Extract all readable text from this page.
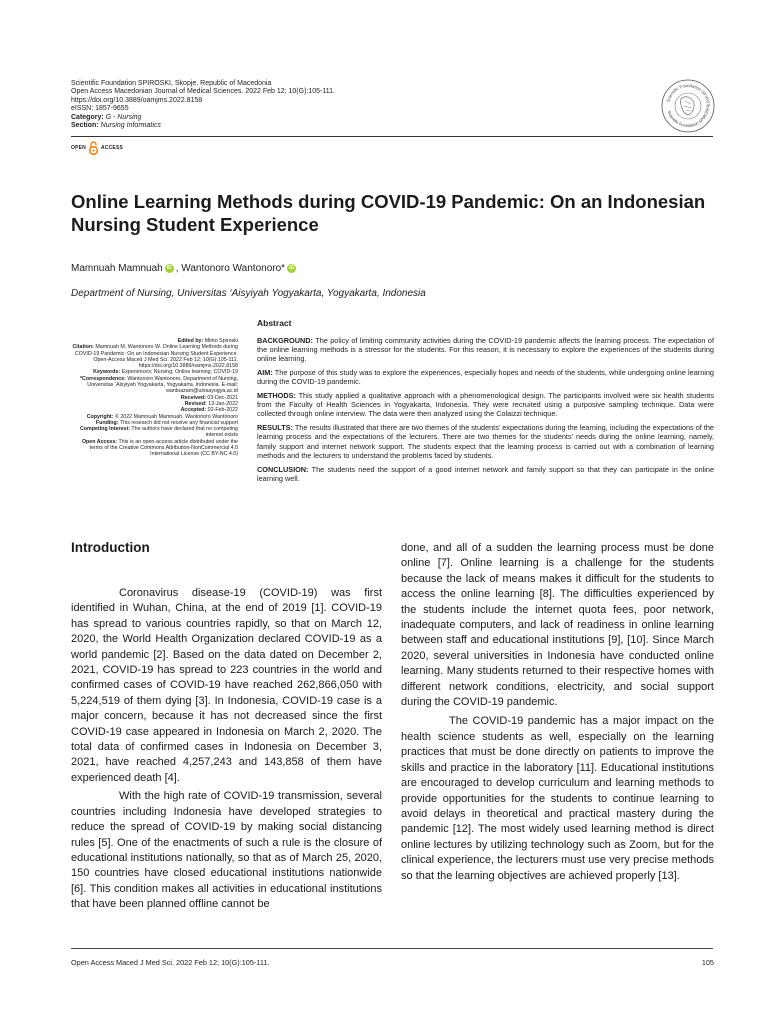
Scientific Foundation SPIROSKI, Skopje, Republic of Macedonia
Open Access Macedonian Journal of Medical Sciences. 2022 Feb 12; 10(G):105-111.
https://doi.org/10.3889/oamjms.2022.8158
eISSN: 1857-9655
Category: G - Nursing
Section: Nursing Informatics
Scientific Foundation SPIROS
Scientific Foundation SPIROSKI
OPEN	ACCESS
Online Learning Methods during COVID-19 Pandemic: On an Indonesian Nursing Student Experience
Mamnuah Mamnuah iD , Wantonoro Wantonoro * iD
Department of Nursing, Universitas ‘Aisyiyah Yogyakarta, Yogyakarta, Indonesia

Edited by: Mirko Spiroski

Citation: Mamnuah M, Wantonoro W. Online Learning Methods during COVID-19 Pandemic: On an Indonesian Nursing Student Experience. Open-Access Maced J Med Sci. 2022 Feb 12; 10(G):105-111. https://doi.org/10.3889/oamjms.2022.8158

Keywords: Experiences; Nursing; Online learning; COVID-19

*Correspondence: Wantonoro Wantonoro, Department of Nursing, Universitas ‘Aisyiyah Yogyakarta, Yogyakarta, Indonesia. E-mail: wantoazam@unisayogya.ac.id

Received: 03-Dec-2021

Revised: 13-Jan-2022

Accepted: 02-Feb-2022

Copyright: © 2022 Mamnuah Mamnuah, Wantonoro Wantonoro

Funding: This research did not receive any financial support

Competing Interest: The authors have declared that no competing interest exists

Open Access: This is an open-access article distributed under the terms of the Creative Commons Attribution-NonCommercial 4.0 International License (CC BY-NC 4.0)

Abstract

BACKGROUND: The policy of limiting community activities during the COVID-19 pandemic affects the learning process. The expectation of the online learning methods is a stressor for the students. For this reason, it is necessary to explore the experiences of the students during online learning.

AIM: The purpose of this study was to explore the experiences, especially hopes and needs of the students, while undergoing online learning during the COVID-19 pandemic.

METHODS: This study applied a qualitative approach with a phenomenological design. The participants involved were six health students from the Faculty of Health Sciences in Yogyakarta, Indonesia. They were recruited using a purposive sampling technique. Data were collected through online interview. The data were then analyzed using the Colaizzi technique.

RESULTS: The results illustrated that there are two themes of the students’ expectations during the learning, including the expectations of the learning process and the expectations of the lecturers. There are two themes for the students’ needs during the online learning, namely, family support and internet network support. The students expect that the learning process is carried out with a combination of learning methods and the lecturers to understand the problems faced by students.

CONCLUSION: The students need the support of a good internet network and family support so that they can participate in the online learning well.

Introduction

Coronavirus disease-19 (COVID-19) was first identified in Wuhan, China, at the end of 2019 [1]. COVID-19 has spread to various countries rapidly, so that on March 12, 2020, the World Health Organization declared COVID-19 as a world pandemic [2]. Based on the data dated on December 2, 2021, COVID-19 has spread to 223 countries in the world and confirmed cases of COVID-19 have reached 262,866,050 with 5,224,519 of them dying [3]. In Indonesia, COVID-19 case is a major concern, because it has not decreased since the first COVID-19 case appeared in Indonesia on March 2, 2020. The total data of confirmed cases in Indonesia on December 3, 2021, have reached 4,257,243 and 143,858 of them have experienced death [4].

With the high rate of COVID-19 transmission, several countries including Indonesia have developed strategies to reduce the spread of COVID-19 by making social distancing rules [5]. One of the enactments of such a rule is the closure of educational institutions nationally, so that as of March 25, 2020, 150 countries have closed educational institutions nationwide [6]. This condition makes all activities in educational institutions that have been planned offline cannot be

done, and all of a sudden the learning process must be done online [7]. Online learning is a challenge for the students because the lack of means makes it difficult for the students to access the online learning [8]. The difficulties experienced by the students include the internet quota fees, poor network, inadequate computers, and lack of readiness in online learning between staff and educational institutions [9], [10]. Since March 2020, several universities in Indonesia have conducted online learning. Many students returned to their respective homes with different network conditions, electricity, and social support during the COVID-19 pandemic.

The COVID-19 pandemic has a major impact on the health science students as well, especially on the learning practices that must be done directly on patients to improve the skills and practice in the laboratory [11]. Educational institutions are encouraged to develop curriculum and learning methods to provide opportunities for the students to continue learning to avoid delays in theoretical and practical mastery during the pandemic [12]. The most widely used learning method is direct online lectures by utilizing technology such as Zoom, but for the clinical experience, the lecturers must use very precise methods so that the learning objectives are achieved properly [13].

Open Access Maced J Med Sci. 2022 Feb 12; 10(G):105-111.	105
